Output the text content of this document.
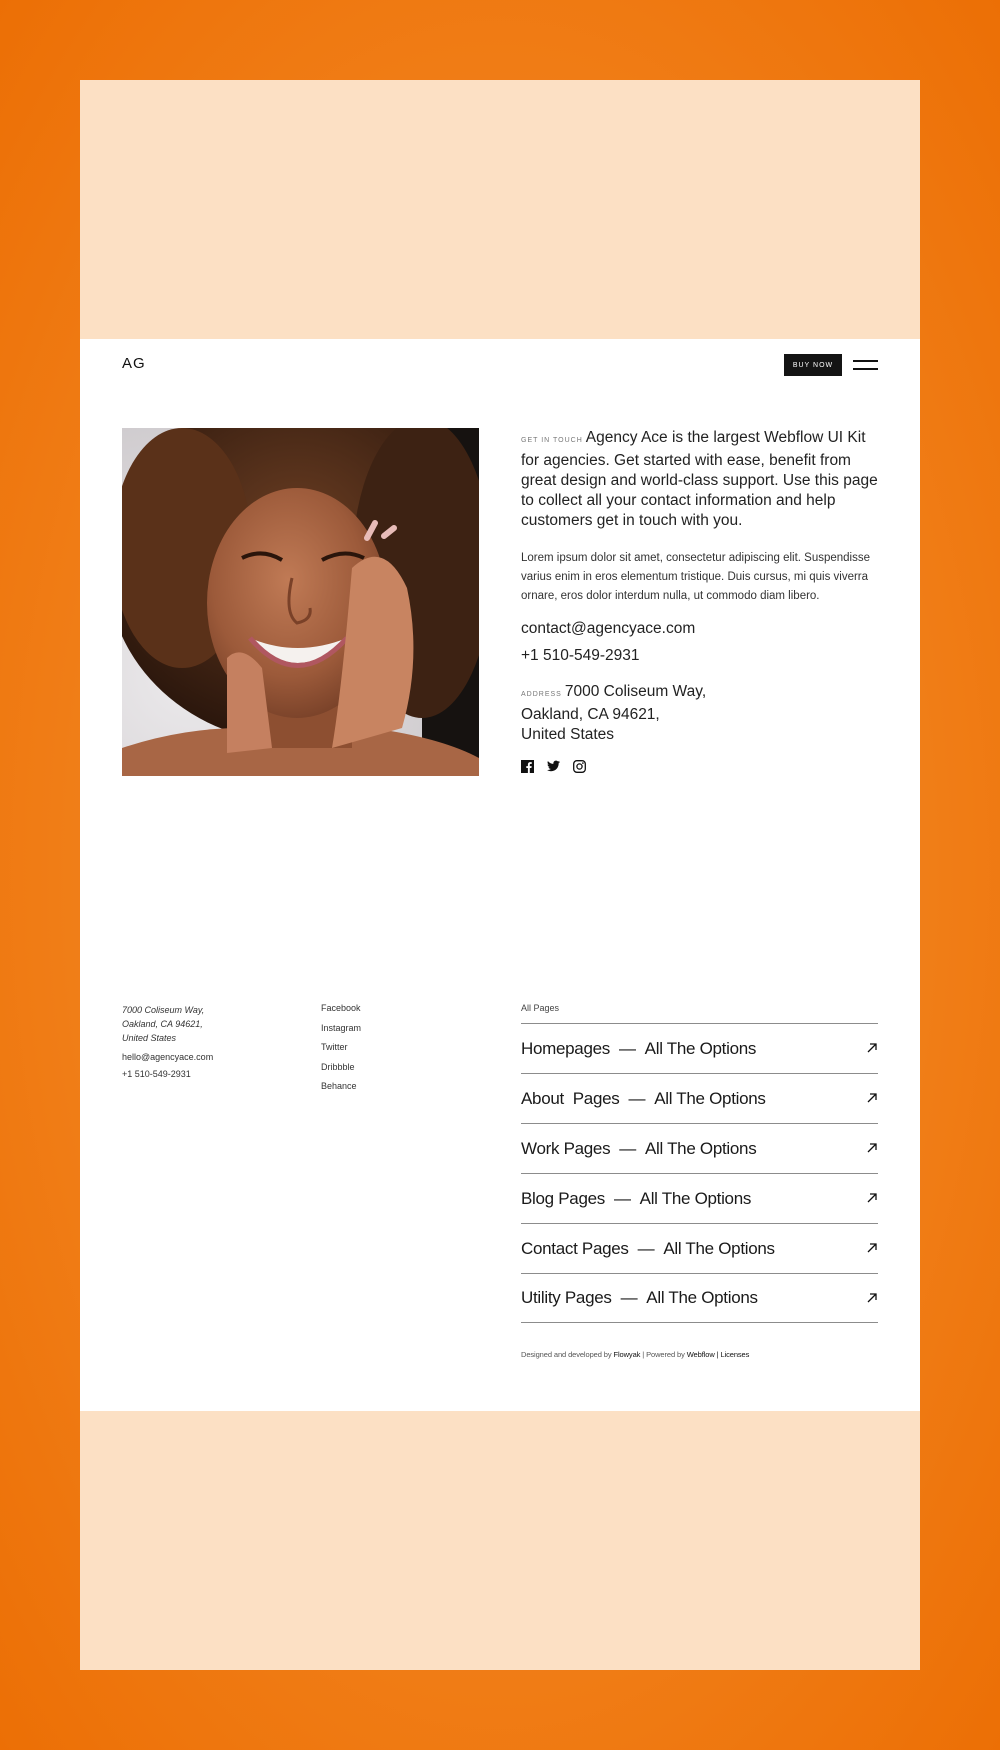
AG	BUY NOW

GET IN TOUCH Agency Ace is the largest Webflow UI Kit for agencies. Get started with ease, benefit from great design and world-class support. Use this page to collect all your contact information and help customers get in touch with you.

Lorem ipsum dolor sit amet, consectetur adipiscing elit. Suspendisse varius enim in eros elementum tristique. Duis cursus, mi quis viverra ornare, eros dolor interdum nulla, ut commodo diam libero.

contact@agencyace.com
+1 510-549-2931
ADDRESS 7000 Coliseum Way,
Oakland, CA 94621,
United States
7000 Coliseum Way,
Oakland, CA 94621,
United States
hello@agencyace.com
+1 510-549-2931
Facebook
Instagram
Twitter
Dribbble
Behance
All Pages
Homepages — All The Options
About  Pages — All The Options
Work Pages — All The Options
Blog Pages — All The Options
Contact Pages — All The Options
Utility Pages — All The Options
Designed and developed by Flowyak | Powered by Webflow | Licenses
